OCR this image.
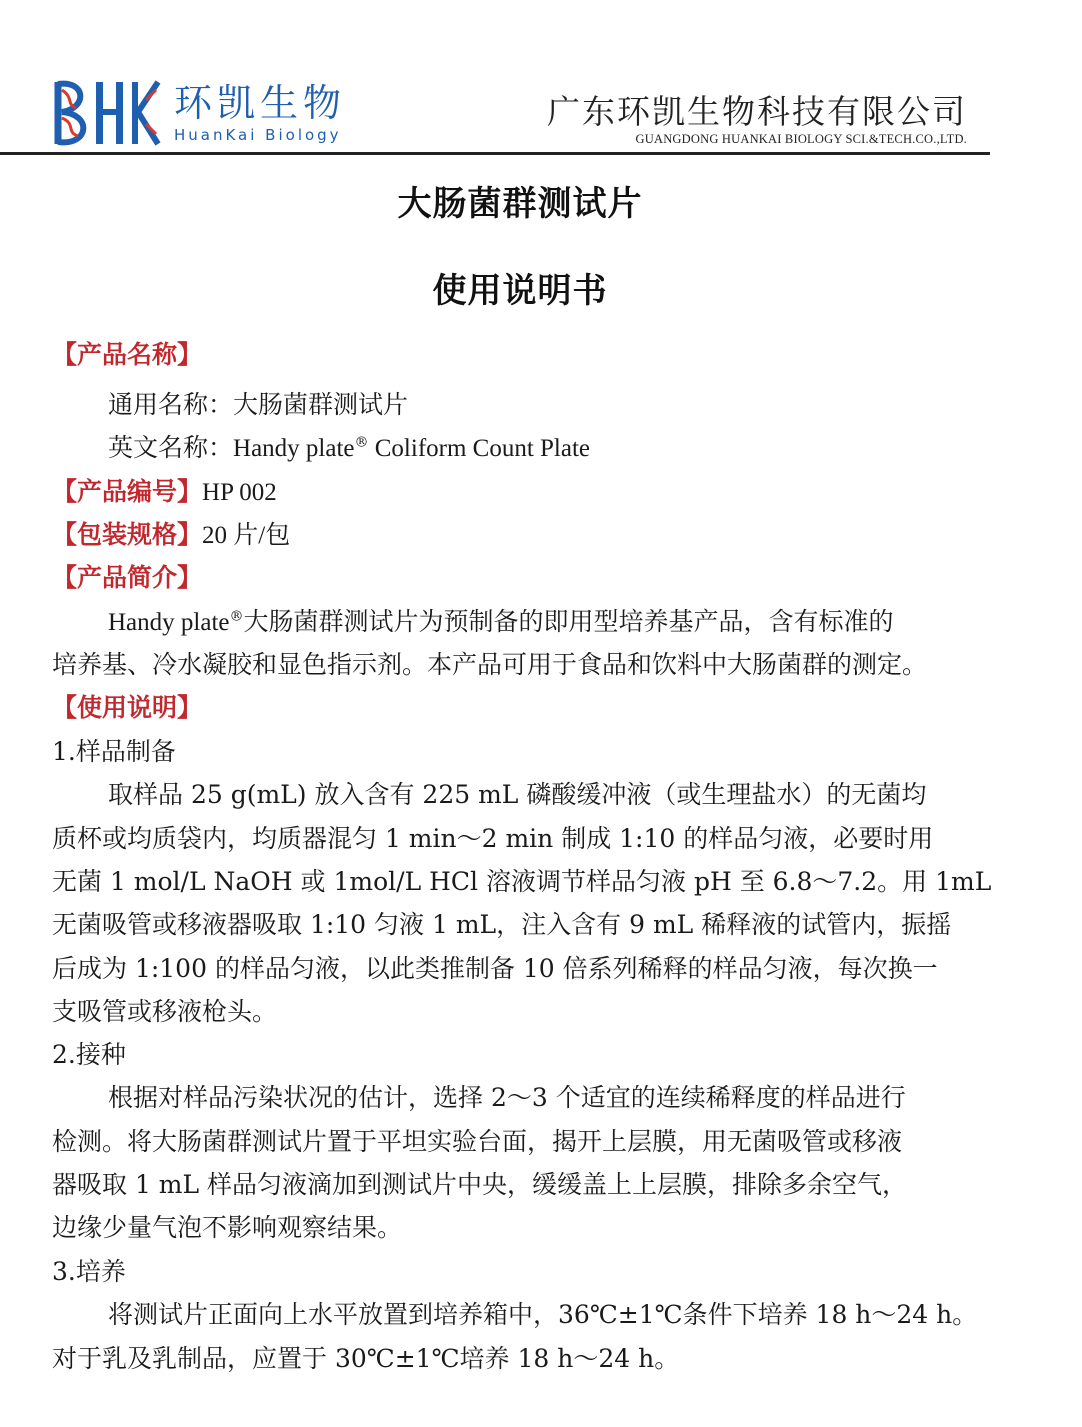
环凯生物
HuanKai Biology
广东环凯生物科技有限公司
GUANGDONG HUANKAI BIOLOGY SCI.&TECH.CO.,LTD.
大肠菌群测试片
使用说明书
【产品名称】
通用名称：大肠菌群测试片
英文名称：Handy plate® Coliform Count Plate
【产品编号】HP 002
【包装规格】20 片/包
【产品简介】
Handy plate®大肠菌群测试片为预制备的即用型培养基产品，含有标准的
培养基、冷水凝胶和显色指示剂。本产品可用于食品和饮料中大肠菌群的测定。
【使用说明】
1.样品制备
取样品 25 g(mL) 放入含有 225 mL 磷酸缓冲液（或生理盐水）的无菌均
质杯或均质袋内，均质器混匀 1 min～2 min 制成 1:10 的样品匀液，必要时用
无菌 1 mol/L NaOH 或 1mol/L HCl 溶液调节样品匀液 pH 至 6.8～7.2。用 1mL
无菌吸管或移液器吸取 1:10 匀液 1 mL，注入含有 9 mL 稀释液的试管内，振摇
后成为 1:100 的样品匀液，以此类推制备 10 倍系列稀释的样品匀液，每次换一
支吸管或移液枪头。
2.接种
根据对样品污染状况的估计，选择 2～3 个适宜的连续稀释度的样品进行
检测。将大肠菌群测试片置于平坦实验台面，揭开上层膜，用无菌吸管或移液
器吸取 1 mL 样品匀液滴加到测试片中央，缓缓盖上上层膜，排除多余空气，
边缘少量气泡不影响观察结果。
3.培养
将测试片正面向上水平放置到培养箱中，36℃±1℃条件下培养 18 h～24 h。
对于乳及乳制品，应置于 30℃±1℃培养 18 h～24 h。
